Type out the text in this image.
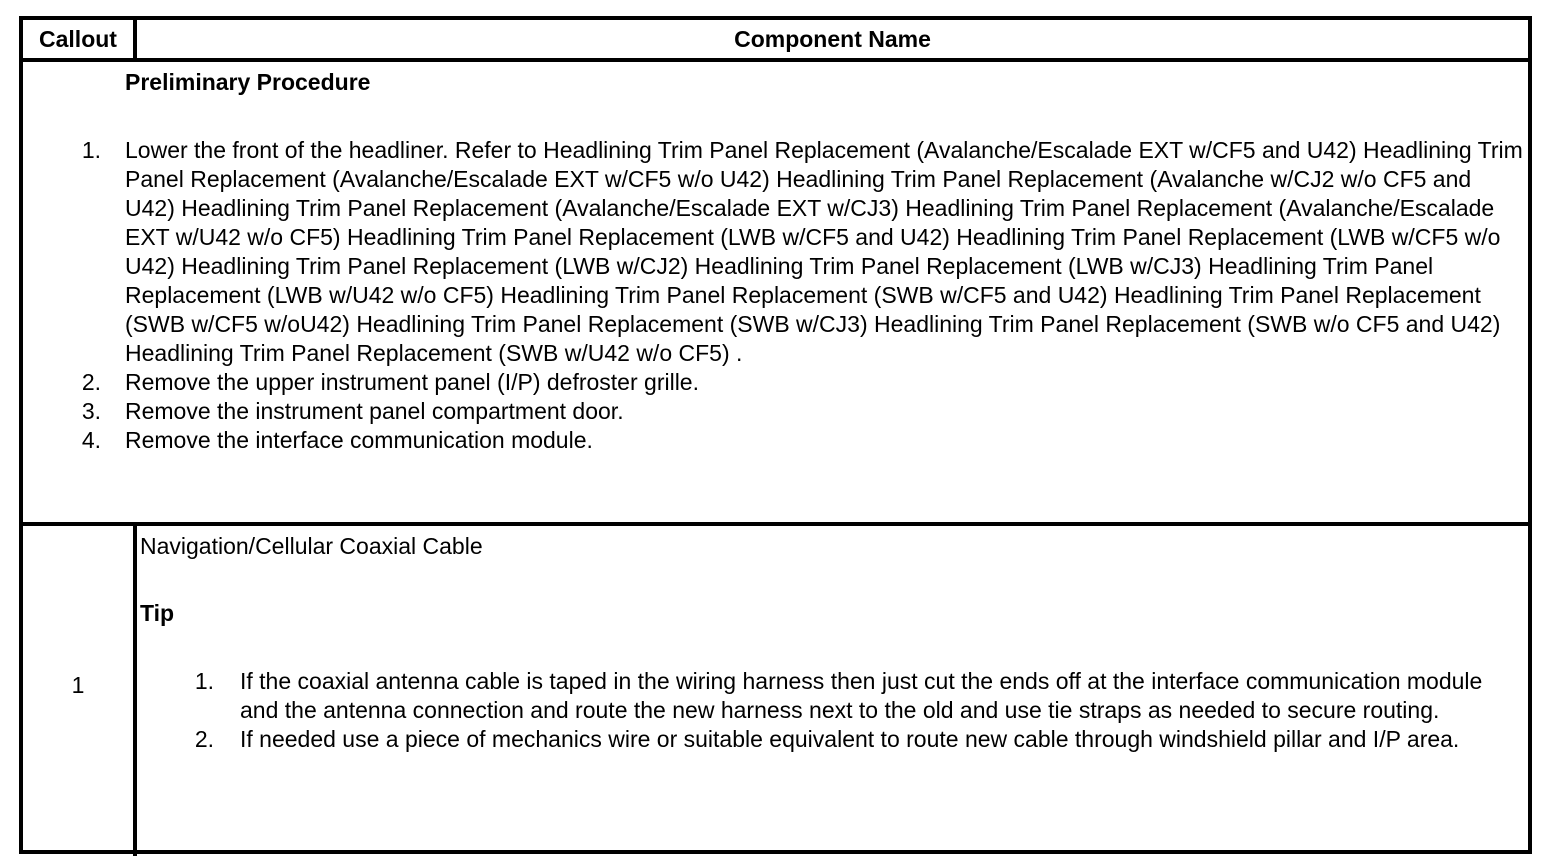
Callout	Component Name
Preliminary Procedure
1. Lower the front of the headliner. Refer to Headlining Trim Panel Replacement (Avalanche/Escalade EXT w/CF5 and U42) Headlining Trim Panel Replacement (Avalanche/Escalade EXT w/CF5 w/o U42) Headlining Trim Panel Replacement (Avalanche w/CJ2 w/o CF5 and U42) Headlining Trim Panel Replacement (Avalanche/Escalade EXT w/CJ3) Headlining Trim Panel Replacement (Avalanche/Escalade EXT w/U42 w/o CF5) Headlining Trim Panel Replacement (LWB w/CF5 and U42) Headlining Trim Panel Replacement (LWB w/CF5 w/o U42) Headlining Trim Panel Replacement (LWB w/CJ2) Headlining Trim Panel Replacement (LWB w/CJ3) Headlining Trim Panel Replacement (LWB w/U42 w/o CF5) Headlining Trim Panel Replacement (SWB w/CF5 and U42) Headlining Trim Panel Replacement (SWB w/CF5 w/oU42) Headlining Trim Panel Replacement (SWB w/CJ3) Headlining Trim Panel Replacement (SWB w/o CF5 and U42) Headlining Trim Panel Replacement (SWB w/U42 w/o CF5) .
2. Remove the upper instrument panel (I/P) defroster grille.
3. Remove the instrument panel compartment door.
4. Remove the interface communication module.
1
Navigation/Cellular Coaxial Cable
Tip
1. If the coaxial antenna cable is taped in the wiring harness then just cut the ends off at the interface communication module and the antenna connection and route the new harness next to the old and use tie straps as needed to secure routing.
2. If needed use a piece of mechanics wire or suitable equivalent to route new cable through windshield pillar and I/P area.
